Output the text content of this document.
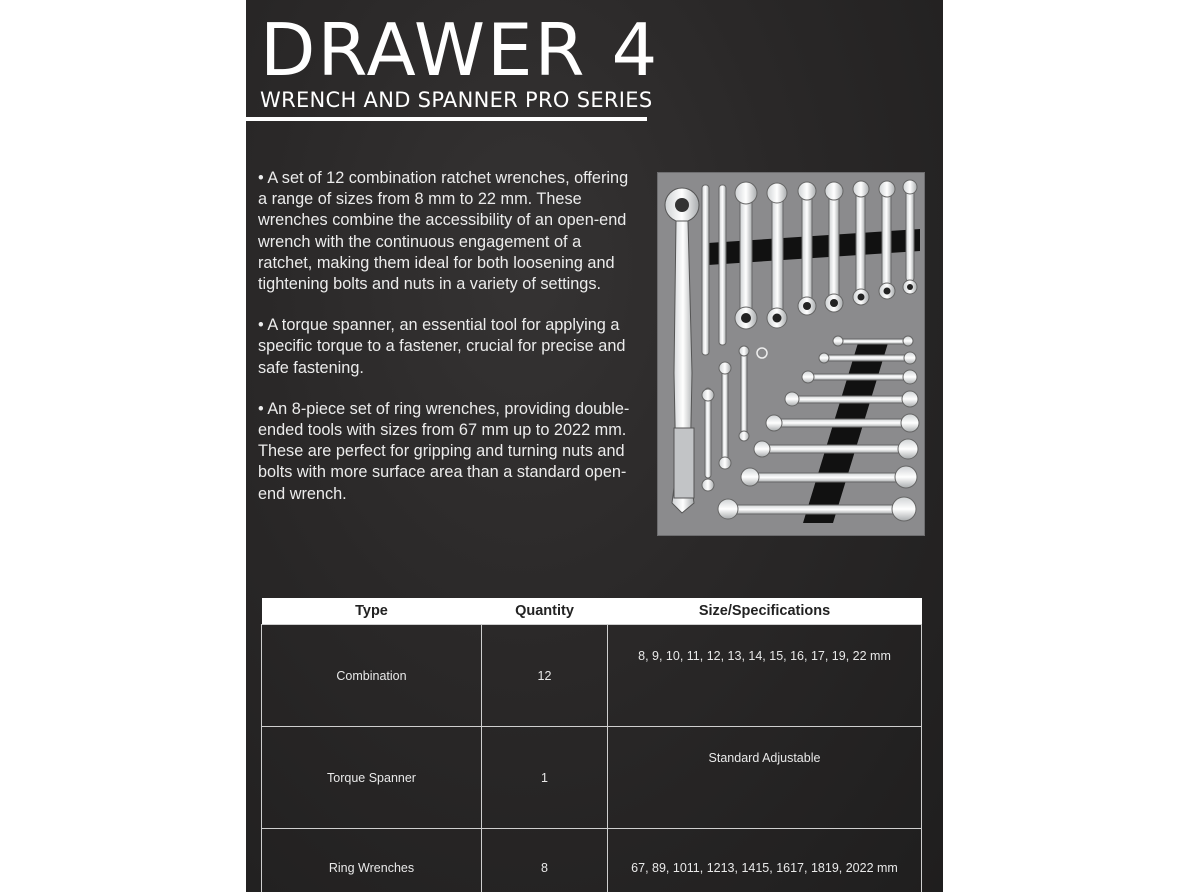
DRAWER 4
WRENCH AND SPANNER PRO SERIES

• A set of 12 combination ratchet wrenches, offering a range of sizes from 8 mm to 22 mm. These wrenches combine the accessibility of an open-end wrench with the continuous engagement of a ratchet, making them ideal for both loosening and tightening bolts and nuts in a variety of settings.

• A torque spanner, an essential tool for applying a specific torque to a fastener, crucial for precise and safe fastening.

• An 8-piece set of ring wrenches, providing double-ended tools with sizes from 67 mm up to 2022 mm. These are perfect for gripping and turning nuts and bolts with more surface area than a standard open-end wrench.

Type	Quantity	Size/Specifications
Combination	12	8, 9, 10, 11, 12, 13, 14, 15, 16, 17, 19, 22 mm
Torque Spanner	1	Standard Adjustable
Ring Wrenches	8	67, 89, 1011, 1213, 1415, 1617, 1819, 2022 mm
